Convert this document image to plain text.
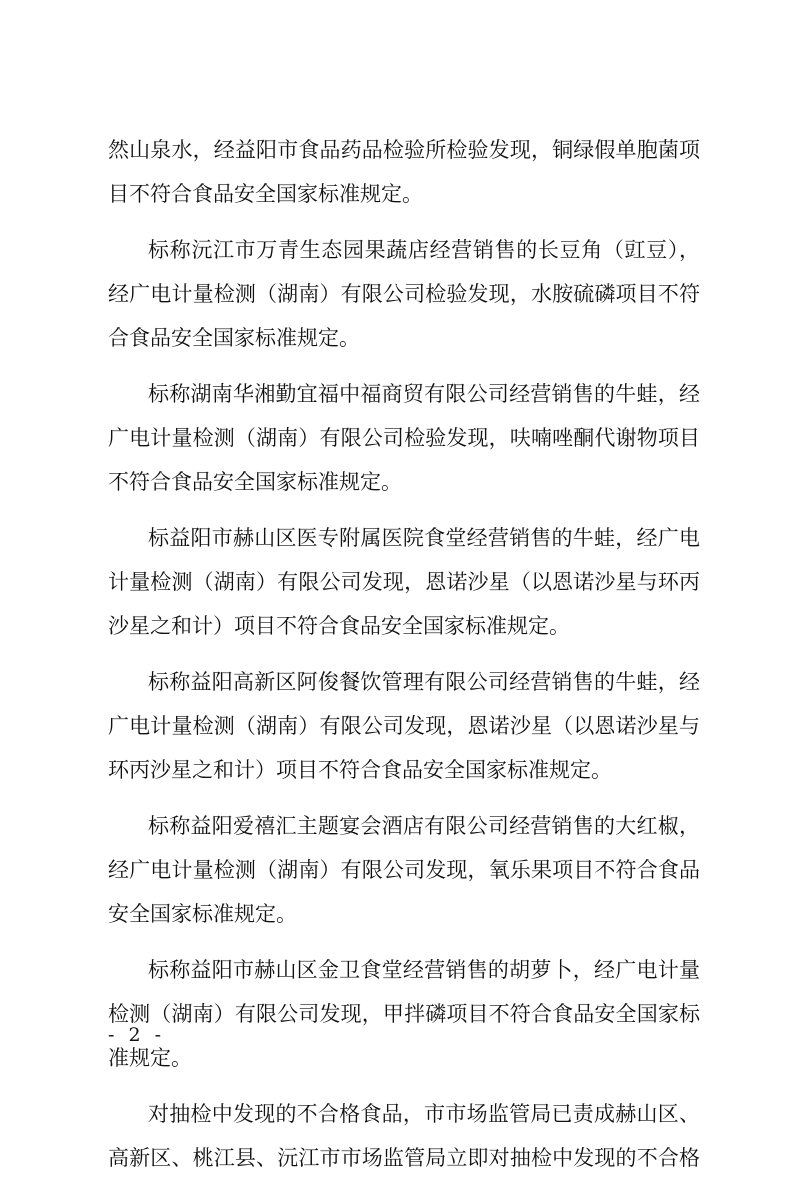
然山泉水，经益阳市食品药品检验所检验发现，铜绿假单胞菌项
目不符合食品安全国家标准规定。
标称沅江市万青生态园果蔬店经营销售的长豆角（豇豆），
经广电计量检测（湖南）有限公司检验发现，水胺硫磷项目不符
合食品安全国家标准规定。
标称湖南华湘勤宜福中福商贸有限公司经营销售的牛蛙，经
广电计量检测（湖南）有限公司检验发现，呋喃唑酮代谢物项目
不符合食品安全国家标准规定。
标益阳市赫山区医专附属医院食堂经营销售的牛蛙，经广电
计量检测（湖南）有限公司发现，恩诺沙星（以恩诺沙星与环丙
沙星之和计）项目不符合食品安全国家标准规定。
标称益阳高新区阿俊餐饮管理有限公司经营销售的牛蛙，经
广电计量检测（湖南）有限公司发现，恩诺沙星（以恩诺沙星与
环丙沙星之和计）项目不符合食品安全国家标准规定。
标称益阳爱禧汇主题宴会酒店有限公司经营销售的大红椒，
经广电计量检测（湖南）有限公司发现，氧乐果项目不符合食品
安全国家标准规定。
标称益阳市赫山区金卫食堂经营销售的胡萝卜，经广电计量
检测（湖南）有限公司发现，甲拌磷项目不符合食品安全国家标
准规定。
对抽检中发现的不合格食品，市市场监管局已责成赫山区、
高新区、桃江县、沅江市市场监管局立即对抽检中发现的不合格
- 2 -
